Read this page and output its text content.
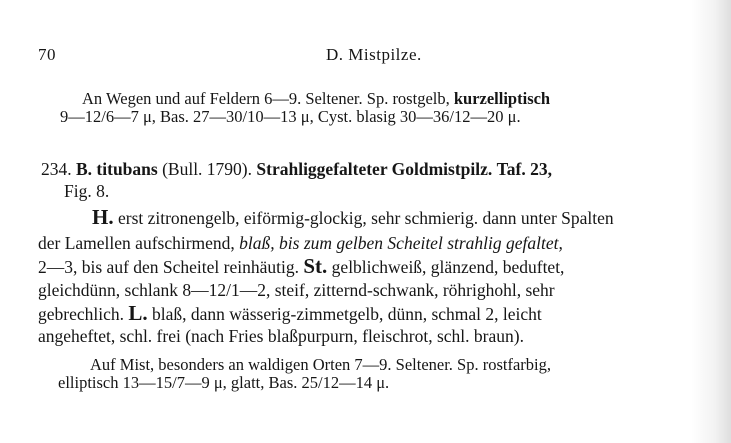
70	D. Mistpilze.
An Wegen und auf Feldern 6—9. Seltener. Sp. rostgelb, kurzelliptisch
9—12/6—7 μ, Bas. 27—30/10—13 μ, Cyst. blasig 30—36/12—20 μ.
234. B. titubans (Bull. 1790). Strahliggefalteter Goldmistpilz. Taf. 23,
Fig. 8.
H. erst zitronengelb, eiförmig-glockig, sehr schmierig. dann unter Spalten
der Lamellen aufschirmend, blaß, bis zum gelben Scheitel strahlig gefaltet,
2—3, bis auf den Scheitel reinhäutig. St. gelblichweiß, glänzend, beduftet,
gleichdünn, schlank 8—12/1—2, steif, zitternd-schwank, röhrighohl, sehr
gebrechlich. L. blaß, dann wässerig-zimmetgelb, dünn, schmal 2, leicht
angeheftet, schl. frei (nach Fries blaßpurpurn, fleischrot, schl. braun).
Auf Mist, besonders an waldigen Orten 7—9. Seltener. Sp. rostfarbig,
elliptisch 13—15/7—9 μ, glatt, Bas. 25/12—14 μ.
